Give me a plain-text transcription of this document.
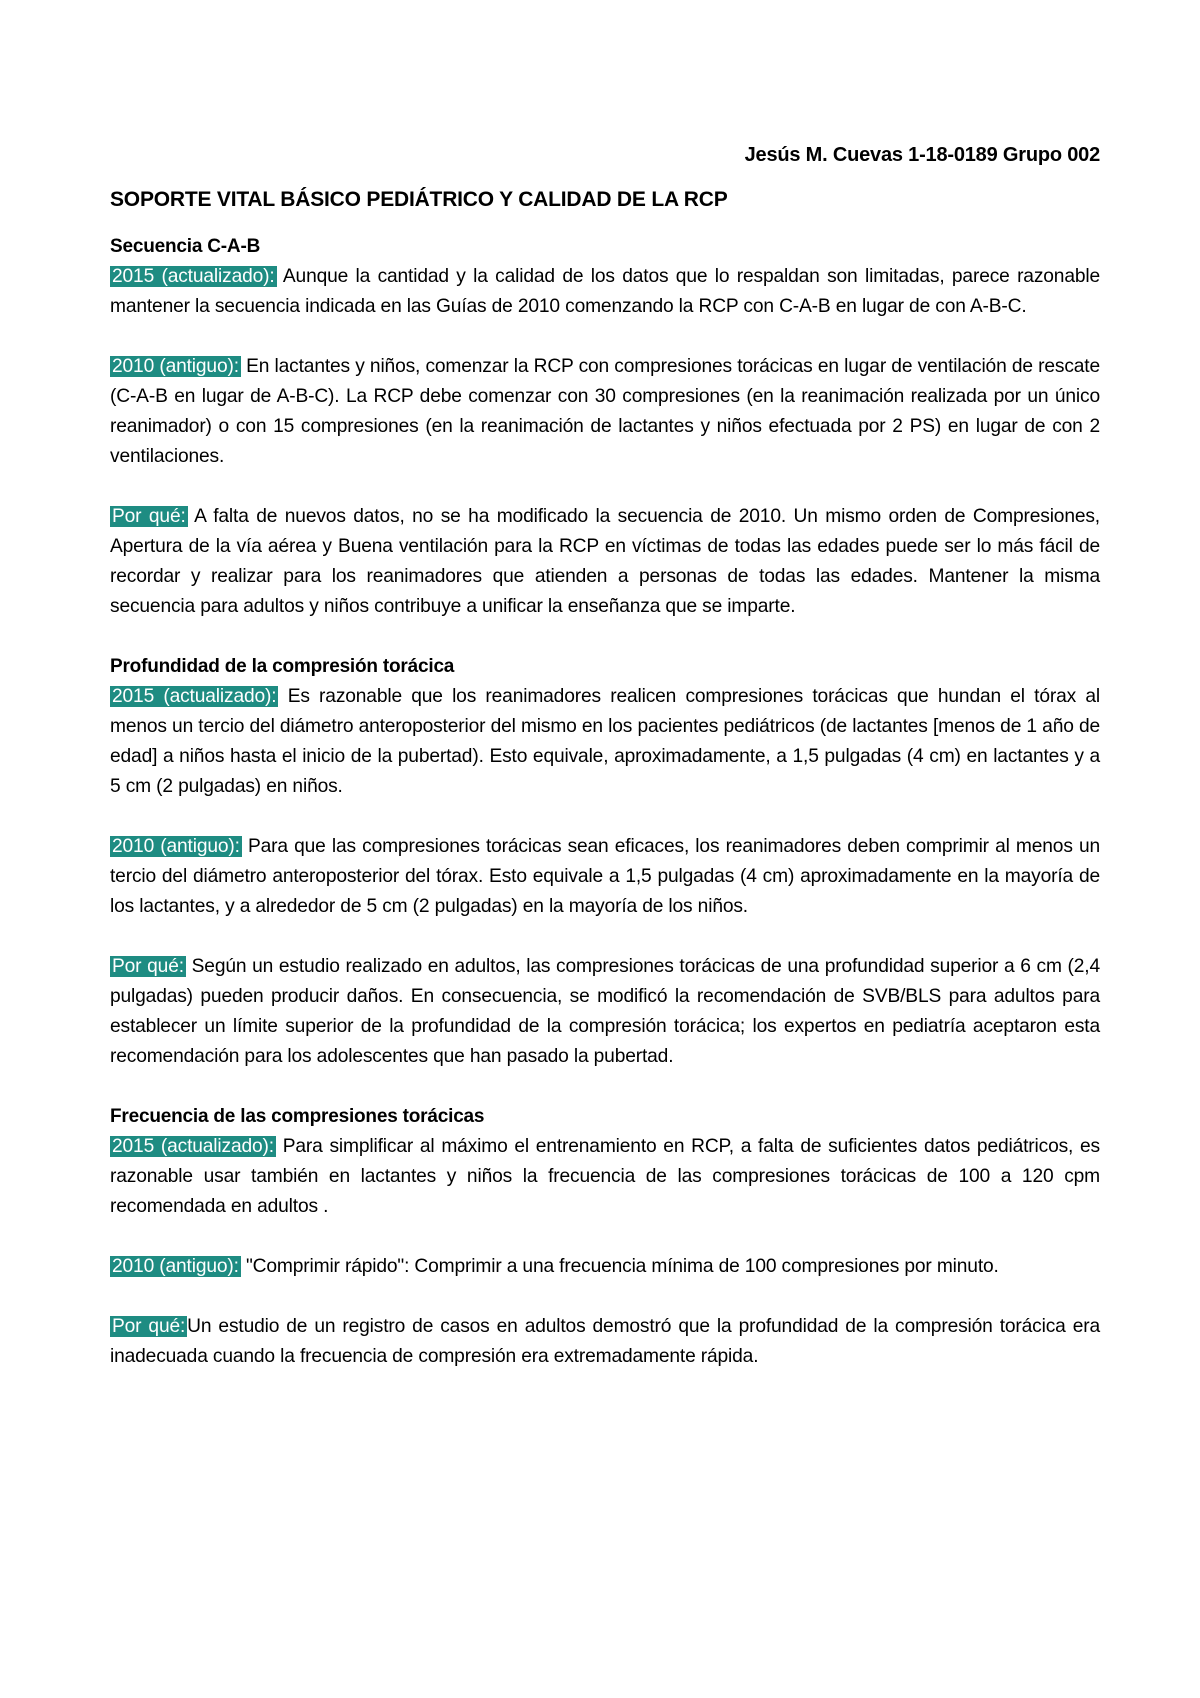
Jesús M. Cuevas 1-18-0189 Grupo 002
SOPORTE VITAL BÁSICO PEDIÁTRICO Y CALIDAD DE LA RCP
Secuencia C-A-B

2015 (actualizado): Aunque la cantidad y la calidad de los datos que lo respaldan son limitadas, parece razonable mantener la secuencia indicada en las Guías de 2010 comenzando la RCP con C-A-B en lugar de con A-B-C.

2010 (antiguo): En lactantes y niños, comenzar la RCP con compresiones torácicas en lugar de ventilación de rescate (C-A-B en lugar de A-B-C). La RCP debe comenzar con 30 compresiones (en la reanimación realizada por un único reanimador) o con 15 compresiones (en la reanimación de lactantes y niños efectuada por 2 PS) en lugar de con 2 ventilaciones.

Por qué: A falta de nuevos datos, no se ha modificado la secuencia de 2010. Un mismo orden de Compresiones, Apertura de la vía aérea y Buena ventilación para la RCP en víctimas de todas las edades puede ser lo más fácil de recordar y realizar para los reanimadores que atienden a personas de todas las edades. Mantener la misma secuencia para adultos y niños contribuye a unificar la enseñanza que se imparte.

Profundidad de la compresión torácica

2015 (actualizado): Es razonable que los reanimadores realicen compresiones torácicas que hundan el tórax al menos un tercio del diámetro anteroposterior del mismo en los pacientes pediátricos (de lactantes [menos de 1 año de edad] a niños hasta el inicio de la pubertad). Esto equivale, aproximadamente, a 1,5 pulgadas (4 cm) en lactantes y a 5 cm (2 pulgadas) en niños.

2010 (antiguo): Para que las compresiones torácicas sean eficaces, los reanimadores deben comprimir al menos un tercio del diámetro anteroposterior del tórax. Esto equivale a 1,5 pulgadas (4 cm) aproximadamente en la mayoría de los lactantes, y a alrededor de 5 cm (2 pulgadas) en la mayoría de los niños.

Por qué: Según un estudio realizado en adultos, las compresiones torácicas de una profundidad superior a 6 cm (2,4 pulgadas) pueden producir daños. En consecuencia, se modificó la recomendación de SVB/BLS para adultos para establecer un límite superior de la profundidad de la compresión torácica; los expertos en pediatría aceptaron esta recomendación para los adolescentes que han pasado la pubertad.

Frecuencia de las compresiones torácicas

2015 (actualizado): Para simplificar al máximo el entrenamiento en RCP, a falta de suficientes datos pediátricos, es razonable usar también en lactantes y niños la frecuencia de las compresiones torácicas de 100 a 120 cpm recomendada en adultos .

2010 (antiguo): "Comprimir rápido": Comprimir a una frecuencia mínima de 100 compresiones por minuto.

Por qué: Un estudio de un registro de casos en adultos demostró que la profundidad de la compresión torácica era inadecuada cuando la frecuencia de compresión era extremadamente rápida.
